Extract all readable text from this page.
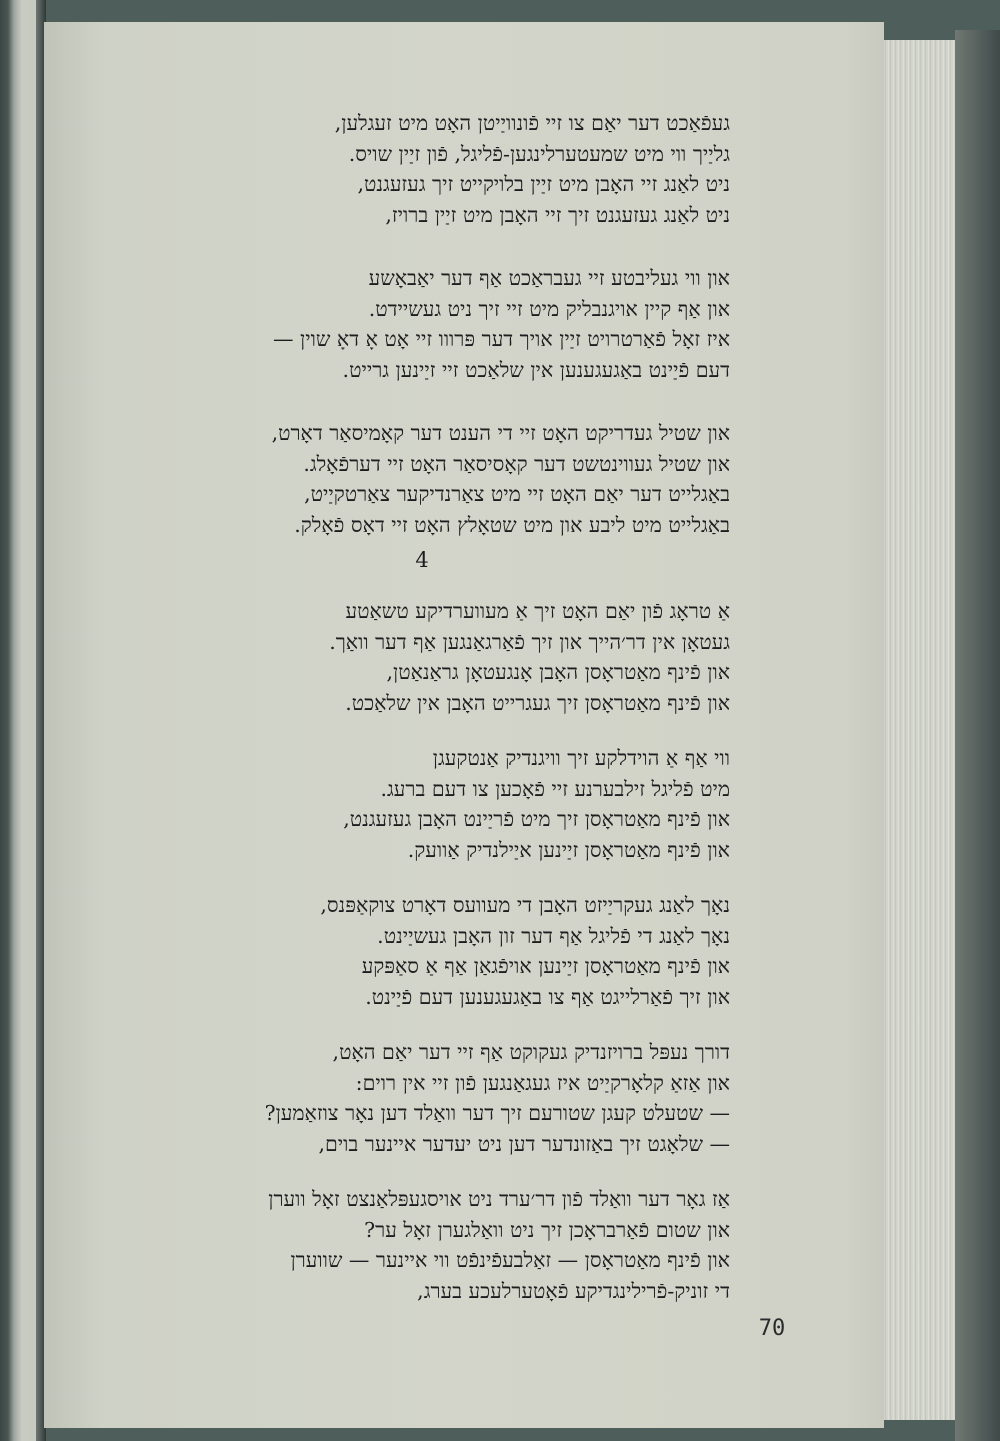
געפֿאַכט דער יאַם צו זיי פֿונוויַיטן האָט מיט זעגלען,
גליַיך ווי מיט שמעטערלינגען-פֿליגל, פֿון זיַין שויס.
ניט לאַנג זיי האָבן מיט זיַין בלויקייט זיך געזעגנט,
ניט לאַנג געזעגנט זיך זיי האָבן מיט זיַין ברויז,
און ווי געליבטע זיי געבראַכט אַף דער יאַבאָשע
און אַף קיין אויגנבליק מיט זיי זיך ניט געשיידט.
איז זאָל פֿאַרטרויט זיַין אויך דער פּרווו זיי אָט אָ דאָ שוין —
דעם פֿיַינט באַגעגענען אין שלאַכט זיי זיַינען גרייט.
און שטיל געדריקט האָט זיי די הענט דער קאָמיסאַר דאָרט,
און שטיל געווינטשט דער קאָסיסאַר האָט זיי דערפֿאָלג.
באַגלייט דער יאַם האָט זיי מיט צאַרנדיקער צאַרטקיַיט,
באַגלייט מיט ליבע און מיט שטאָלץ האָט זיי דאָס פֿאָלק.
4
אַ טראָג פֿון יאַם האָט זיך אַ מעווערדיקע טשאַטע
געטאָן אין דר׳הייך און זיך פֿאַרגאַנגען אַף דער וואַך.
און פֿינף מאַטראָסן האָבן אָנגעטאָן גראַנאַטן,
און פֿינף מאַטראָסן זיך געגרייט האָבן אין שלאַכט.
ווי אַף אַ הוידלקע זיך וויגנדיק אַנטקעגן
מיט פֿליגל זילבערנע זיי פֿאָכען צו דעם ברעג.
און פֿינף מאַטראָסן זיך מיט פֿריַינט האָבן געזעגנט,
און פֿינף מאַטראָסן זיַינען איַילנדיק אַוועק.
נאָך לאַנג געקריַיזט האָבן די מעוועס דאָרט צוקאַפּנס,
נאָך לאַנג די פֿליגל אַף דער זון האָבן געשיַינט.
און פֿינף מאַטראָסן זיַינען אויפֿגאַן אַף אַ סאַפּקע
און זיך פֿאַרלייגט אַף צו באַגעגענען דעם פֿיַינט.
דורך נעפּל ברויזנדיק געקוקט אַף זיי דער יאַם האָט,
און אַזאַ קלאָרקיַיט איז געגאַנגען פֿון זיי אין רוים:
— שטעלט קעגן שטורעם זיך דער וואַלד דען נאָר צוזאַמען?
— שלאָגט זיך באַזונדער דען ניט יעדער איינער בוים,
אַז גאָר דער וואַלד פֿון דר׳ערד ניט אויסגעפּלאַנצט זאָל ווערן
און שטום פֿאַרבראָכן זיך ניט וואַלגערן זאָל ער?
און פֿינף מאַטראָסן — זאַלבעפֿינפֿט ווי איינער — שווערן
די זוניק-פֿרילינגדיקע פֿאָטערלעכע בערג,
70
